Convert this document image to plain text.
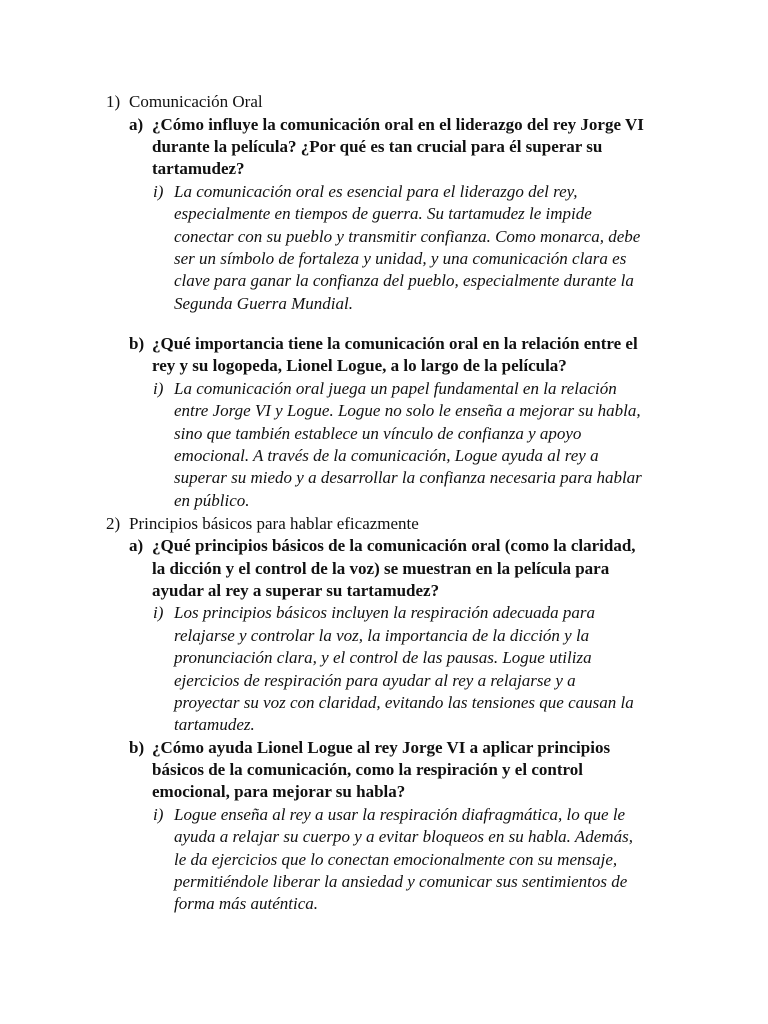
1) Comunicación Oral
a) ¿Cómo influye la comunicación oral en el liderazgo del rey Jorge VI
durante la película? ¿Por qué es tan crucial para él superar su
tartamudez?
i) La comunicación oral es esencial para el liderazgo del rey,
especialmente en tiempos de guerra. Su tartamudez le impide
conectar con su pueblo y transmitir confianza. Como monarca, debe
ser un símbolo de fortaleza y unidad, y una comunicación clara es
clave para ganar la confianza del pueblo, especialmente durante la
Segunda Guerra Mundial.
b) ¿Qué importancia tiene la comunicación oral en la relación entre el
rey y su logopeda, Lionel Logue, a lo largo de la película?
i) La comunicación oral juega un papel fundamental en la relación
entre Jorge VI y Logue. Logue no solo le enseña a mejorar su habla,
sino que también establece un vínculo de confianza y apoyo
emocional. A través de la comunicación, Logue ayuda al rey a
superar su miedo y a desarrollar la confianza necesaria para hablar
en público.
2) Principios básicos para hablar eficazmente
a) ¿Qué principios básicos de la comunicación oral (como la claridad,
la dicción y el control de la voz) se muestran en la película para
ayudar al rey a superar su tartamudez?
i) Los principios básicos incluyen la respiración adecuada para
relajarse y controlar la voz, la importancia de la dicción y la
pronunciación clara, y el control de las pausas. Logue utiliza
ejercicios de respiración para ayudar al rey a relajarse y a
proyectar su voz con claridad, evitando las tensiones que causan la
tartamudez.
b) ¿Cómo ayuda Lionel Logue al rey Jorge VI a aplicar principios
básicos de la comunicación, como la respiración y el control
emocional, para mejorar su habla?
i) Logue enseña al rey a usar la respiración diafragmática, lo que le
ayuda a relajar su cuerpo y a evitar bloqueos en su habla. Además,
le da ejercicios que lo conectan emocionalmente con su mensaje,
permitiéndole liberar la ansiedad y comunicar sus sentimientos de
forma más auténtica.
